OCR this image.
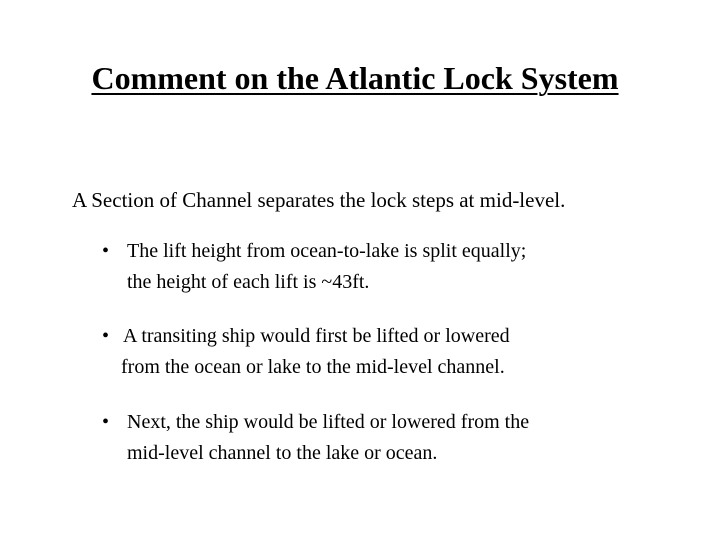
Comment on the Atlantic Lock System
A Section of Channel separates the lock steps at mid-level.
• The lift height from ocean-to-lake is split equally;
the height of each lift is ~43ft.
• A transiting ship would first be lifted or lowered
from the ocean or lake to the mid-level channel.
• Next, the ship would be lifted or lowered from the
mid-level channel to the lake or ocean.
